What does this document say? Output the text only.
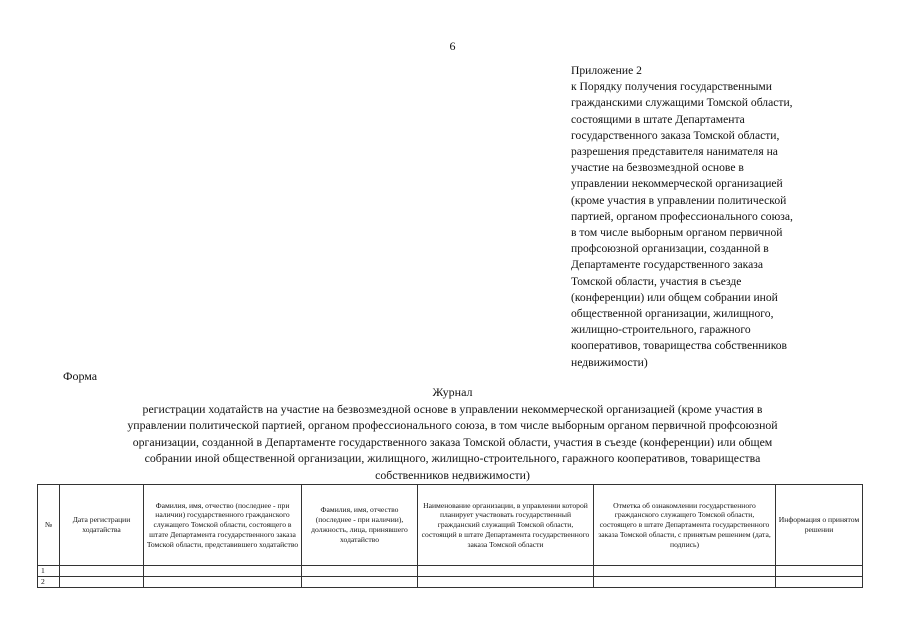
6
Приложение 2
к Порядку получения государственными
гражданскими служащими Томской области,
состоящими в штате Департамента
государственного заказа Томской области,
разрешения представителя нанимателя на
участие на безвозмездной основе в
управлении некоммерческой организацией
(кроме участия в управлении политической
партией, органом профессионального союза,
в том числе выборным органом первичной
профсоюзной организации, созданной в
Департаменте государственного заказа
Томской области, участия в съезде
(конференции) или общем собрании иной
общественной организации, жилищного,
жилищно-строительного, гаражного
кооперативов, товарищества собственников
недвижимости)
Форма
Журнал
регистрации ходатайств на участие на безвозмездной основе в управлении некоммерческой организацией (кроме участия в
управлении политической партией, органом профессионального союза, в том числе выборным органом первичной профсоюзной
организации, созданной в Департаменте государственного заказа Томской области, участия в съезде (конференции) или общем
собрании иной общественной организации, жилищного, жилищно-строительного, гаражного кооперативов, товарищества
собственников недвижимости)
№	Дата регистрации ходатайства	Фамилия, имя, отчество (последнее - при наличии) государственного гражданского служащего Томской области, состоящего в штате Департамента государственного заказа Томской области, представившего ходатайство	Фамилия, имя, отчество (последнее - при наличии), должность, лица, принявшего ходатайство	Наименование организации, в управлении которой планирует участвовать государственный гражданский служащий Томской области, состоящий в штате Департамента государственного заказа Томской области	Отметка об ознакомлении государственного гражданского служащего Томской области, состоящего в штате Департамента государственного заказа Томской области, с принятым решением (дата, подпись)	Информация о принятом решении
1						
2						
